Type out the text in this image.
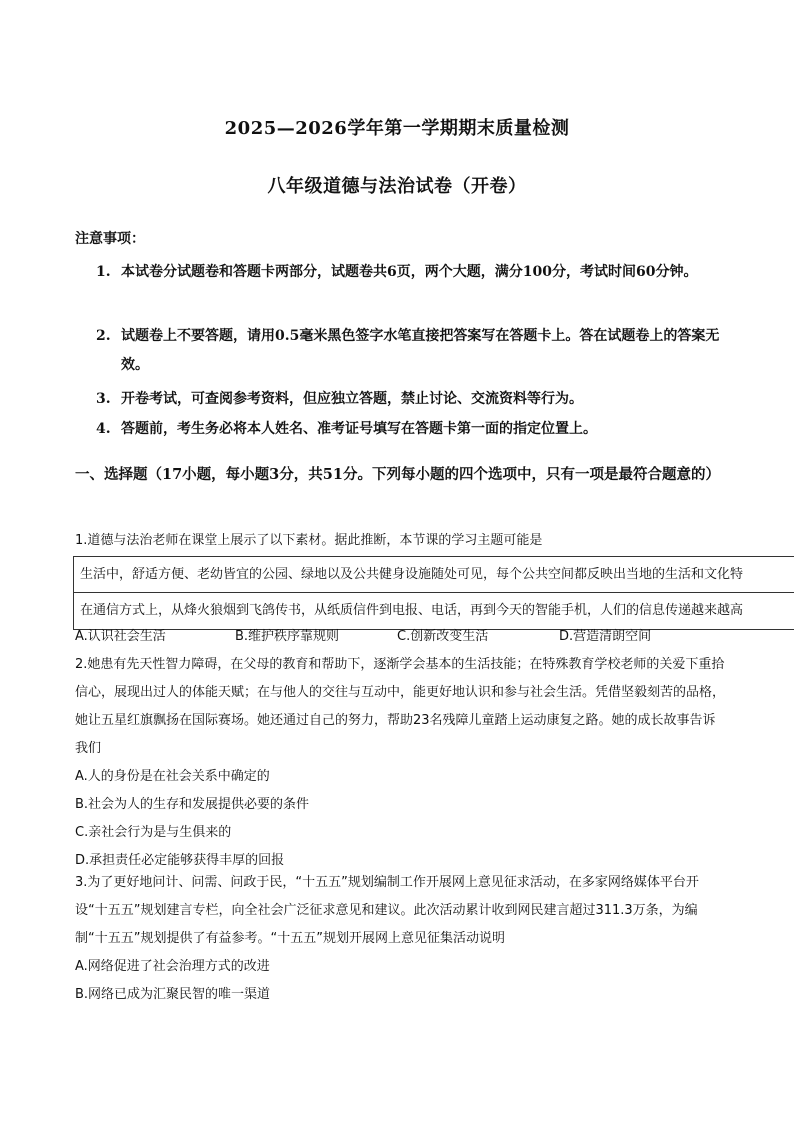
2025—2026学年第一学期期末质量检测
八年级道德与法治试卷（开卷）
注意事项：
1. 本试卷分试题卷和答题卡两部分，试题卷共6页，两个大题，满分100分，考试时间60分钟。
2. 试题卷上不要答题，请用0.5毫米黑色签字水笔直接把答案写在答题卡上。答在试题卷上的答案无效。
3. 开卷考试，可查阅参考资料，但应独立答题，禁止讨论、交流资料等行为。
4. 答题前，考生务必将本人姓名、准考证号填写在答题卡第一面的指定位置上。
一、选择题（17小题，每小题3分，共51分。下列每小题的四个选项中，只有一项是最符合题意的）
1.道德与法治老师在课堂上展示了以下素材。据此推断，本节课的学习主题可能是
生活中，舒适方便、老幼皆宜的公园、绿地以及公共健身设施随处可见，每个公共空间都反映出当地的生活和文化特
在通信方式上，从烽火狼烟到飞鸽传书，从纸质信件到电报、电话，再到今天的智能手机，人们的信息传递越来越高
A.认识社会生活	B.维护秩序靠规则	C.创新改变生活	D.营造清朗空间
2.她患有先天性智力障碍，在父母的教育和帮助下，逐渐学会基本的生活技能；在特殊教育学校老师的关爱下重拾信心，展现出过人的体能天赋；在与他人的交往与互动中，能更好地认识和参与社会生活。凭借坚毅刻苦的品格，她让五星红旗飘扬在国际赛场。她还通过自己的努力，帮助23名残障儿童踏上运动康复之路。她的成长故事告诉我们
A.人的身份是在社会关系中确定的
B.社会为人的生存和发展提供必要的条件
C.亲社会行为是与生俱来的
D.承担责任必定能够获得丰厚的回报
3.为了更好地问计、问需、问政于民，“十五五”规划编制工作开展网上意见征求活动，在多家网络媒体平台开设“十五五”规划建言专栏，向全社会广泛征求意见和建议。此次活动累计收到网民建言超过311.3万条，为编制“十五五”规划提供了有益参考。“十五五”规划开展网上意见征集活动说明
A.网络促进了社会治理方式的改进
B.网络已成为汇聚民智的唯一渠道
